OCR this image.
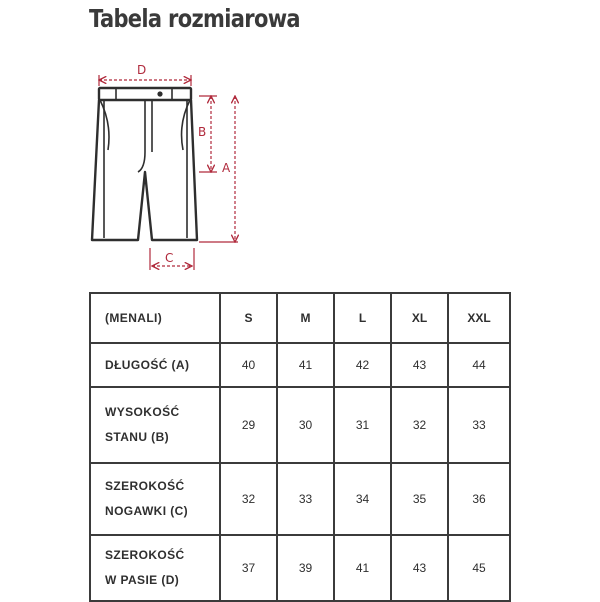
Tabela rozmiarowa
D
B
A
C
(MENALI)	S	M	L	XL	XXL

DŁUGOŚĆ (A)	40	41	42	43	44

WYSOKOŚĆ
STANU (B)	29	30	31	32	33

SZEROKOŚĆ
NOGAWKI (C)	32	33	34	35	36

SZEROKOŚĆ
W PASIE (D)	37	39	41	43	45
